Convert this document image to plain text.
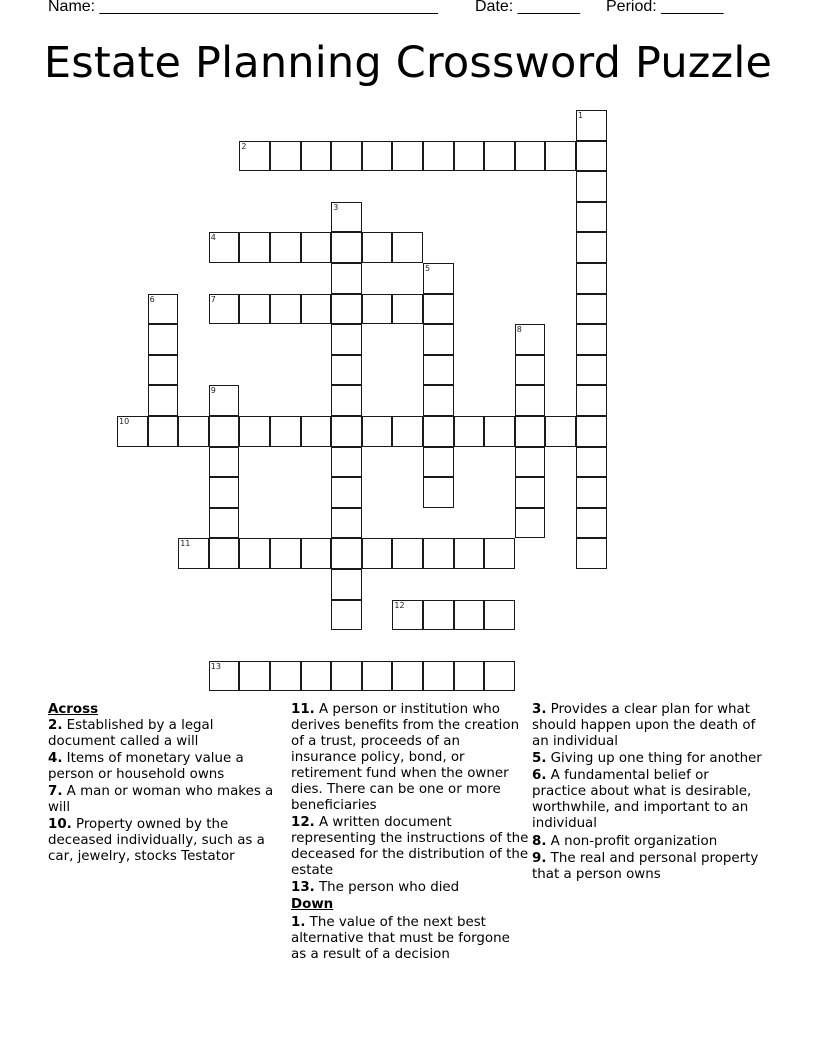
Name: ______________________________________

Date: _______

Period: _______

Estate Planning Crossword Puzzle
1
2
3
4
5
6	7
8
9
10
11
12
13
Across
2. Established by a legal document called a will
4. Items of monetary value a person or household owns
7. A man or woman who makes a will
10. Property owned by the deceased individually, such as a car, jewelry, stocks Testator
11. A person or institution who derives benefits from the creation of a trust, proceeds of an insurance policy, bond, or retirement fund when the owner dies. There can be one or more beneficiaries
12. A written document representing the instructions of the deceased for the distribution of the estate
13. The person who died
Down
1. The value of the next best alternative that must be forgone as a result of a decision
3. Provides a clear plan for what should happen upon the death of an individual
5. Giving up one thing for another
6. A fundamental belief or practice about what is desirable, worthwhile, and important to an individual
8. A non-profit organization
9. The real and personal property that a person owns
